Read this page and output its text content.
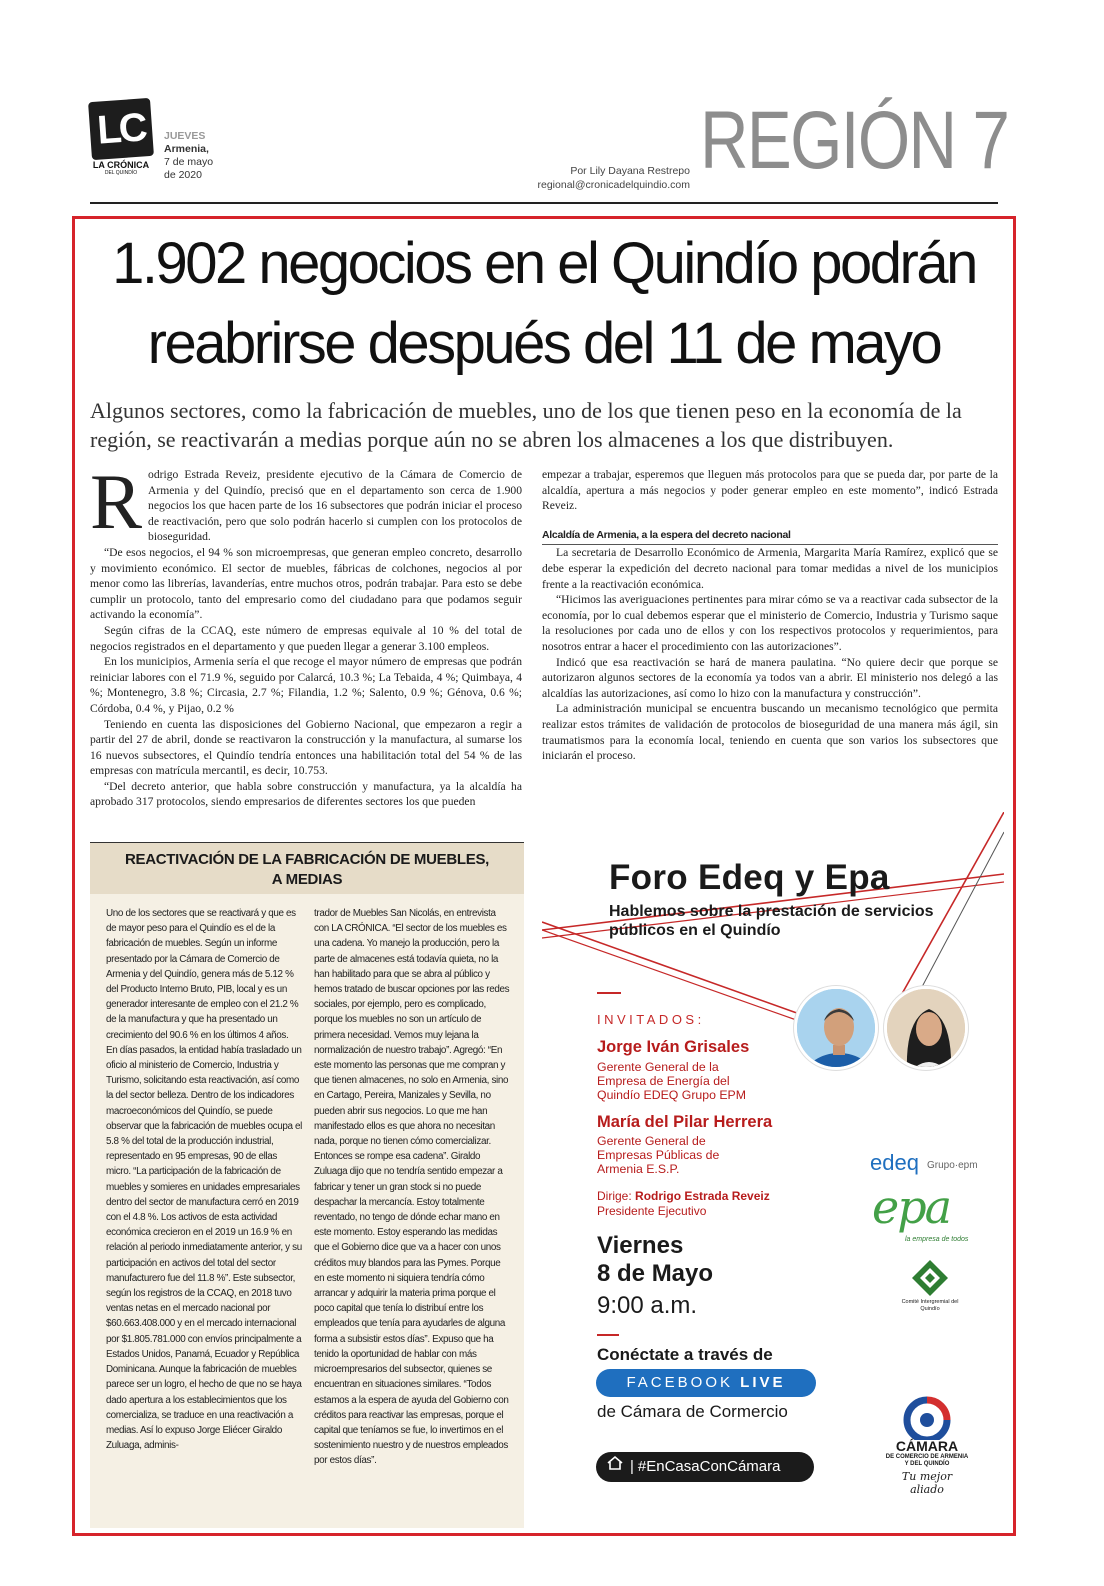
LC
LA CRÓNICA
DEL QUINDÍO
JUEVES
Armenia,
7 de mayo
de 2020	Por Lily Dayana Restrepo
regional@cronicadelquindio.com REGIÓN 7
1.902 negocios en el Quindío podrán
reabrirse después del 11 de mayo
Algunos sectores, como la fabricación de muebles, uno de los que tienen peso en la economía de la región, se reactivarán a medias porque aún no se abren los almacenes a los que distribuyen.
R odrigo Estrada Reveiz, presidente ejecutivo de la Cámara de Comercio de Armenia y del Quindío, precisó que en el departamento son cerca de 1.900 negocios los que hacen parte de los 16 subsectores que podrán iniciar el proceso de reactivación, pero que solo podrán hacerlo si cumplen con los protocolos de bioseguridad.

“De esos negocios, el 94 % son microempresas, que generan empleo concreto, desarrollo y movimiento económico. El sector de muebles, fábricas de colchones, negocios al por menor como las librerías, lavanderías, entre muchos otros, podrán trabajar. Para esto se debe cumplir un protocolo, tanto del empresario como del ciudadano para que podamos seguir activando la economía”.

Según cifras de la CCAQ, este número de empresas equivale al 10 % del total de negocios registrados en el departamento y que pueden llegar a generar 3.100 empleos.

En los municipios, Armenia sería el que recoge el mayor número de empresas que podrán reiniciar labores con el 71.9 %, seguido por Calarcá, 10.3 %; La Tebaida, 4 %; Quimbaya, 4 %; Montenegro, 3.8 %; Circasia, 2.7 %; Filandia, 1.2 %; Salento, 0.9 %; Génova, 0.6 %; Córdoba, 0.4 %, y Pijao, 0.2 %

Teniendo en cuenta las disposiciones del Gobierno Nacional, que empezaron a regir a partir del 27 de abril, donde se reactivaron la construcción y la manufactura, al sumarse los 16 nuevos subsectores, el Quindío tendría entonces una habilitación total del 54 % de las empresas con matrícula mercantil, es decir, 10.753.

“Del decreto anterior, que habla sobre construcción y manufactura, ya la alcaldía ha aprobado 317 protocolos, siendo empresarios de diferentes sectores los que pueden

empezar a trabajar, esperemos que lleguen más protocolos para que se pueda dar, por parte de la alcaldía, apertura a más negocios y poder generar empleo en este momento”, indicó Estrada Reveiz.

Alcaldía de Armenia, a la espera del decreto nacional

La secretaria de Desarrollo Económico de Armenia, Margarita María Ramírez, explicó que se debe esperar la expedición del decreto nacional para tomar medidas a nivel de los municipios frente a la reactivación económica.

“Hicimos las averiguaciones pertinentes para mirar cómo se va a reactivar cada subsector de la economía, por lo cual debemos esperar que el ministerio de Comercio, Industria y Turismo saque la resoluciones por cada uno de ellos y con los respectivos protocolos y requerimientos, para nosotros entrar a hacer el procedimiento con las autorizaciones”.

Indicó que esa reactivación se hará de manera paulatina. “No quiere decir que porque se autorizaron algunos sectores de la economía ya todos van a abrir. El ministerio nos delegó a las alcaldías las autorizaciones, así como lo hizo con la manufactura y construcción”.

La administración municipal se encuentra buscando un mecanismo tecnológico que permita realizar estos trámites de validación de protocolos de bioseguridad de una manera más ágil, sin traumatismos para la economía local, teniendo en cuenta que son varios los subsectores que iniciarán el proceso.

REACTIVACIÓN DE LA FABRICACIÓN DE MUEBLES,
A MEDIAS
Uno de los sectores que se reactivará y que es de mayor peso para el Quindío es el de la fabricación de muebles. Según un informe presentado por la Cámara de Comercio de Armenia y del Quindío, genera más de 5.12 % del Producto Interno Bruto, PIB, local y es un generador interesante de empleo con el 21.2 % de la manufactura y que ha presentado un crecimiento del 90.6 % en los últimos 4 años. En días pasados, la entidad había trasladado un oficio al ministerio de Comercio, Industria y Turismo, solicitando esta reactivación, así como la del sector belleza. Dentro de los indicadores macroeconómicos del Quindío, se puede observar que la fabricación de muebles ocupa el 5.8 % del total de la producción industrial, representado en 95 empresas, 90 de ellas micro. “La participación de la fabricación de muebles y somieres en unidades empresariales dentro del sector de manufactura cerró en 2019 con el 4.8 %. Los activos de esta actividad económica crecieron en el 2019 un 16.9 % en relación al periodo inmediatamente anterior, y su participación en activos del total del sector manufacturero fue del 11.8 %”. Este subsector, según los registros de la CCAQ, en 2018 tuvo ventas netas en el mercado nacional por $60.663.408.000 y en el mercado internacional por $1.805.781.000 con envíos principalmente a Estados Unidos, Panamá, Ecuador y República Dominicana. Aunque la fabricación de muebles parece ser un logro, el hecho de que no se haya dado apertura a los establecimientos que los comercializa, se traduce en una reactivación a medias. Así lo expuso Jorge Eliécer Giraldo Zuluaga, adminis-
trador de Muebles San Nicolás, en entrevista con LA CRÓNICA. “El sector de los muebles es una cadena. Yo manejo la producción, pero la parte de almacenes está todavía quieta, no la han habilitado para que se abra al público y hemos tratado de buscar opciones por las redes sociales, por ejemplo, pero es complicado, porque los muebles no son un artículo de primera necesidad. Vemos muy lejana la normalización de nuestro trabajo”. Agregó: “En este momento las personas que me compran y que tienen almacenes, no solo en Armenia, sino en Cartago, Pereira, Manizales y Sevilla, no pueden abrir sus negocios. Lo que me han manifestado ellos es que ahora no necesitan nada, porque no tienen cómo comercializar. Entonces se rompe esa cadena”. Giraldo Zuluaga dijo que no tendría sentido empezar a fabricar y tener un gran stock si no puede despachar la mercancía. Estoy totalmente reventado, no tengo de dónde echar mano en este momento. Estoy esperando las medidas que el Gobierno dice que va a hacer con unos créditos muy blandos para las Pymes. Porque en este momento ni siquiera tendría cómo arrancar y adquirir la materia prima porque el poco capital que tenía lo distribuí entre los empleados que tenía para ayudarles de alguna forma a subsistir estos días”. Expuso que ha tenido la oportunidad de hablar con más microempresarios del subsector, quienes se encuentran en situaciones similares. “Todos estamos a la espera de ayuda del Gobierno con créditos para reactivar las empresas, porque el capital que teníamos se fue, lo invertimos en el sostenimiento nuestro y de nuestros empleados por estos días”.
Foro Edeq y Epa
Hablemos sobre la prestación de servicios públicos en el Quindío
INVITADOS:
Jorge Iván Grisales
Gerente General de la Empresa de Energía del Quindío EDEQ Grupo EPM
María del Pilar Herrera
Gerente General de Empresas Públicas de Armenia E.S.P.
Dirige: Rodrigo Estrada Reveiz
Presidente Ejecutivo
Viernes
8 de Mayo
9:00 a.m.
Conéctate a través de
FACEBOOK LIVE
de Cámara de Cormercio
| #EnCasaConCámara
edeq Grupo·epm
epa
la empresa de todos
Comité Intergremial del Quindío
CÁMARA
DE COMERCIO DE ARMENIA Y DEL QUINDÍO
Tu mejor aliado
